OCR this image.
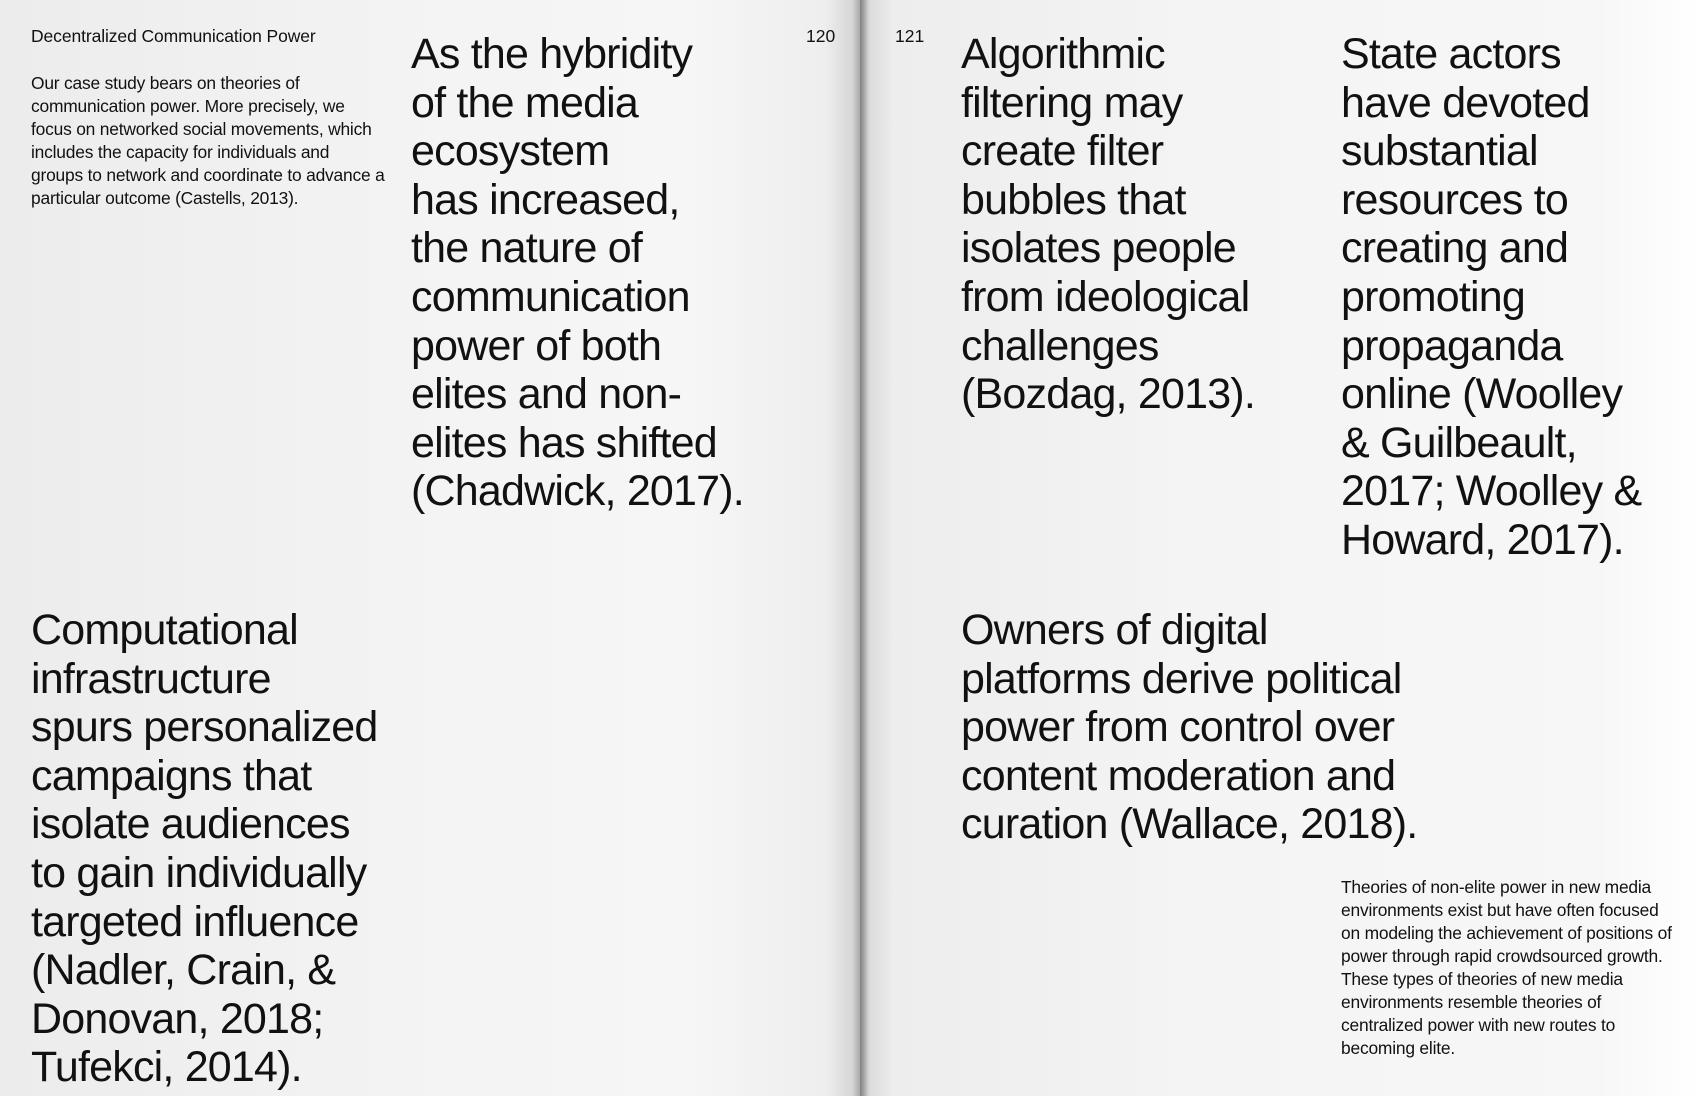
Decentralized Communication Power	120

Our case study bears on theories of communication power. More precisely, we focus on networked social movements, which includes the capacity for individuals and groups to network and coordinate to advance a particular outcome (Castells, 2013).

As the hybridity
of the media
ecosystem
has increased,
the nature of
communication
power of both
elites and non-
elites has shifted
(Chadwick, 2017).

Computational
infrastructure
spurs personalized
campaigns that
isolate audiences
to gain individually
targeted influence
(Nadler, Crain, &
Donovan, 2018;
Tufekci, 2014).

121 Algorithmic
filtering may
create filter
bubbles that
isolates people
from ideological
challenges
(Bozdag, 2013).

State actors
have devoted
substantial
resources to
creating and
promoting
propaganda
online (Woolley
& Guilbeault,
2017; Woolley &
Howard, 2017).

Owners of digital
platforms derive political
power from control over
content moderation and
curation (Wallace, 2018).

Theories of non-elite power in new media environments exist but have often focused on modeling the achievement of positions of power through rapid crowdsourced growth. These types of theories of new media environments resemble theories of centralized power with new routes to becoming elite.
